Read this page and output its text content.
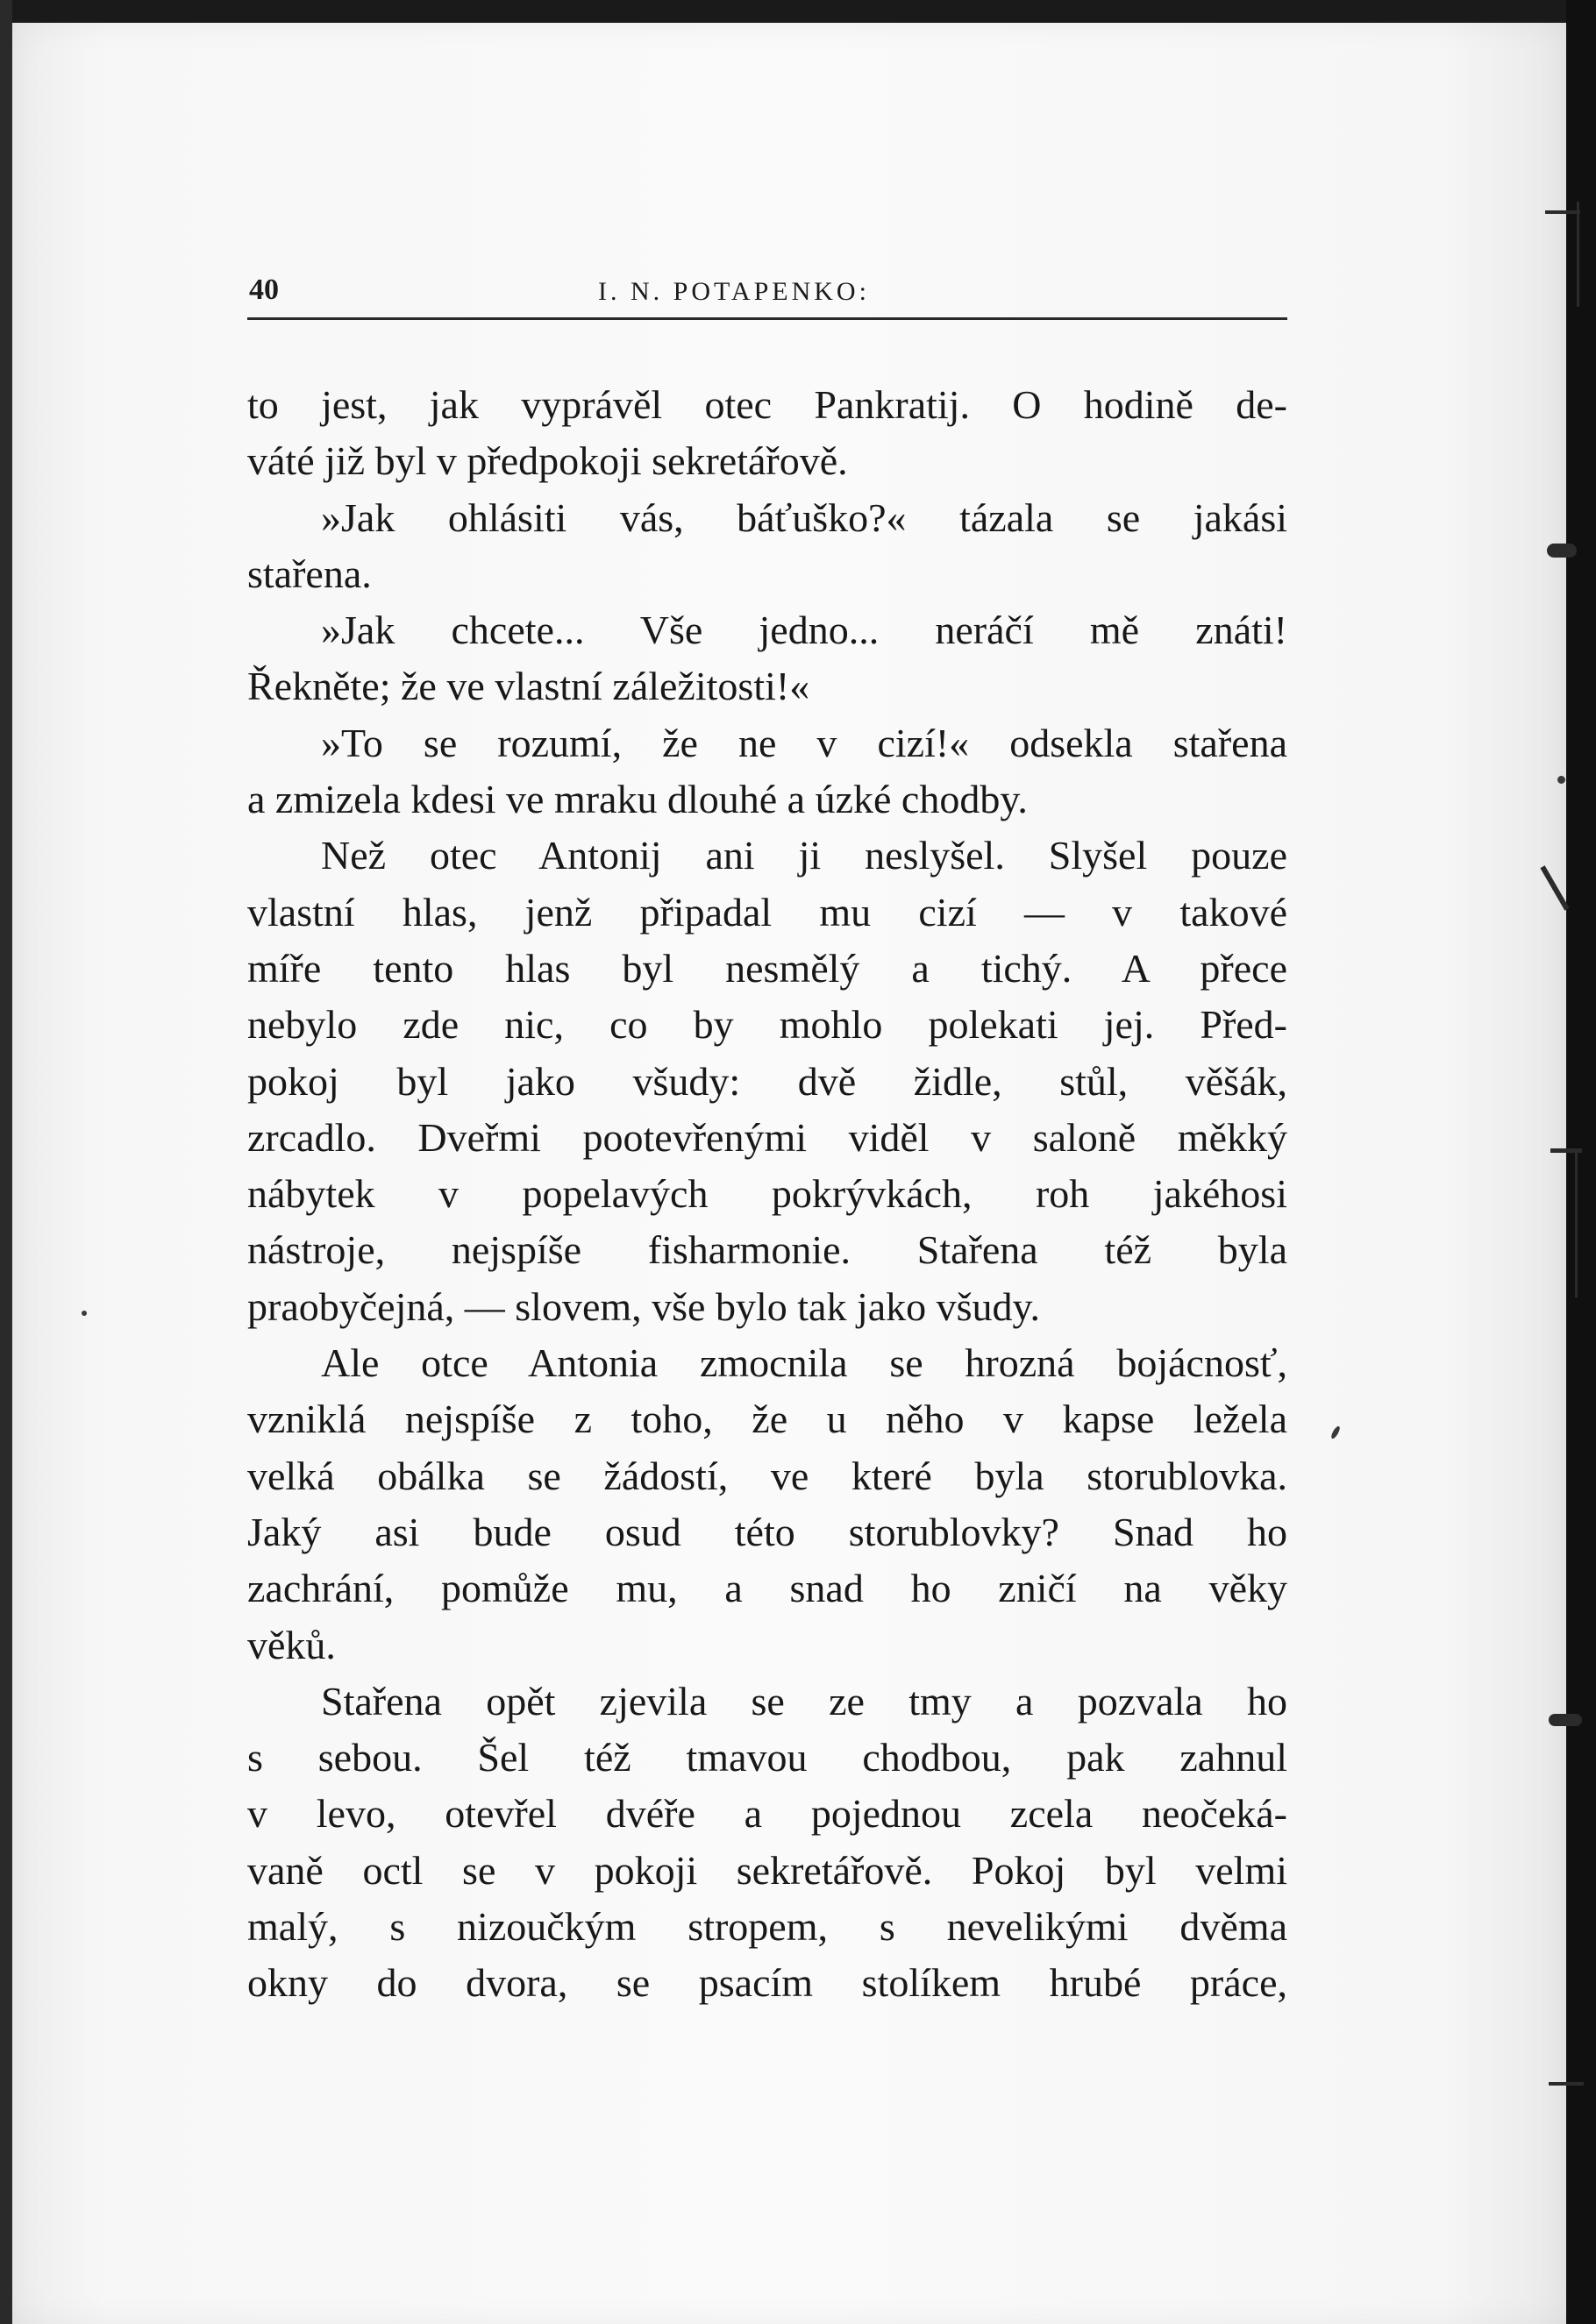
40	I. N. POTAPENKO:
to jest, jak vyprávěl otec Pankratij. O hodině de-
váté již byl v předpokoji sekretářově.
»Jak ohlásiti vás, báťuško?« tázala se jakási
stařena.
»Jak chcete... Vše jedno... neráčí mě znáti!
Řekněte; že ve vlastní záležitosti!«
»To se rozumí, že ne v cizí!« odsekla stařena
a zmizela kdesi ve mraku dlouhé a úzké chodby.
Než otec Antonij ani ji neslyšel. Slyšel pouze
vlastní hlas, jenž připadal mu cizí — v takové
míře tento hlas byl nesmělý a tichý. A přece
nebylo zde nic, co by mohlo polekati jej. Před-
pokoj byl jako všudy: dvě židle, stůl, věšák,
zrcadlo. Dveřmi pootevřenými viděl v saloně měkký
nábytek v popelavých pokrývkách, roh jakéhosi
nástroje, nejspíše fisharmonie. Stařena též byla
praobyčejná, — slovem, vše bylo tak jako všudy.
Ale otce Antonia zmocnila se hrozná bojácnosť,
vzniklá nejspíše z toho, že u něho v kapse ležela
velká obálka se žádostí, ve které byla storublovka.
Jaký asi bude osud této storublovky? Snad ho
zachrání, pomůže mu, a snad ho zničí na věky
věků.
Stařena opět zjevila se ze tmy a pozvala ho
s sebou. Šel též tmavou chodbou, pak zahnul
v levo, otevřel dvéře a pojednou zcela neočeká-
vaně octl se v pokoji sekretářově. Pokoj byl velmi
malý, s nizoučkým stropem, s nevelikými dvěma
okny do dvora, se psacím stolíkem hrubé práce,
